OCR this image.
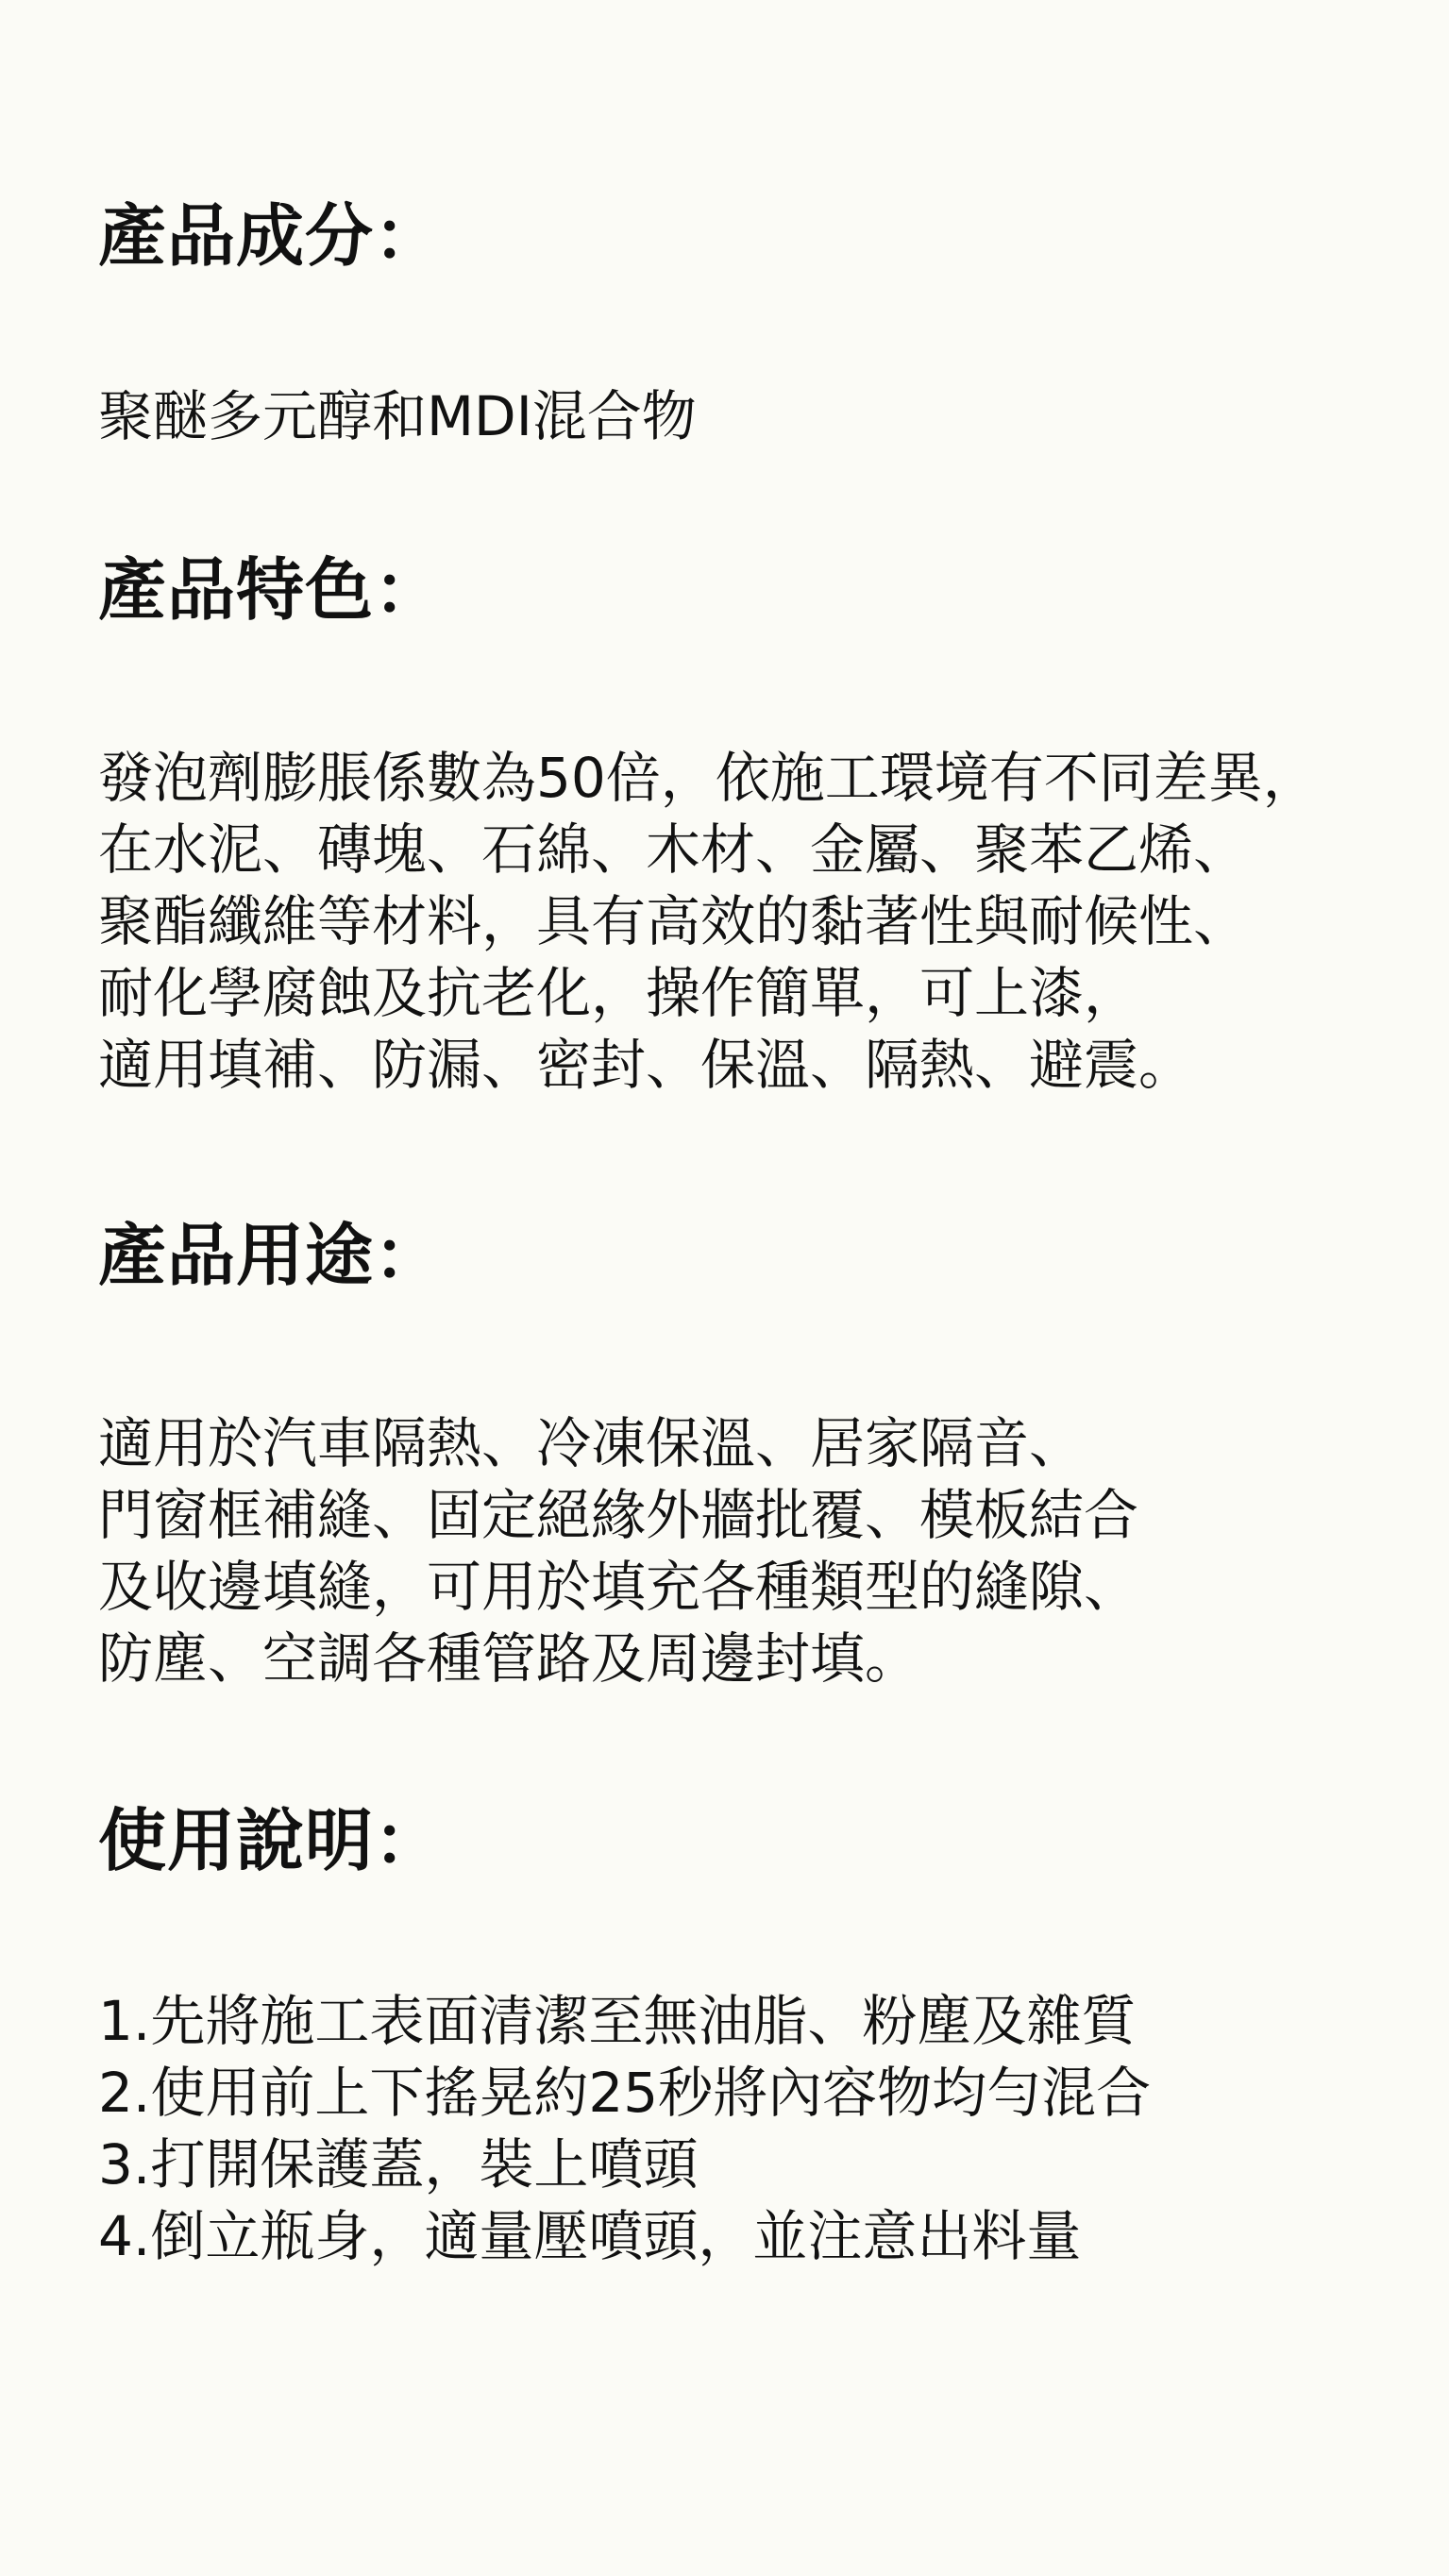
產品成分：

聚醚多元醇和MDI混合物

產品特色：

發泡劑膨脹係數為50倍，依施工環境有不同差異，
在水泥、磚塊、石綿、木材、金屬、聚苯乙烯、
聚酯纖維等材料，具有高效的黏著性與耐候性、
耐化學腐蝕及抗老化，操作簡單，可上漆，
適用填補、防漏、密封、保溫、隔熱、避震。

產品用途：

適用於汽車隔熱、冷凍保溫、居家隔音、
門窗框補縫、固定絕緣外牆批覆、模板結合
及收邊填縫，可用於填充各種類型的縫隙、
防塵、空調各種管路及周邊封填。

使用說明：

1.先將施工表面清潔至無油脂、粉塵及雜質
2.使用前上下搖晃約25秒將內容物均勻混合
3.打開保護蓋，裝上噴頭
4.倒立瓶身，適量壓噴頭，並注意出料量
